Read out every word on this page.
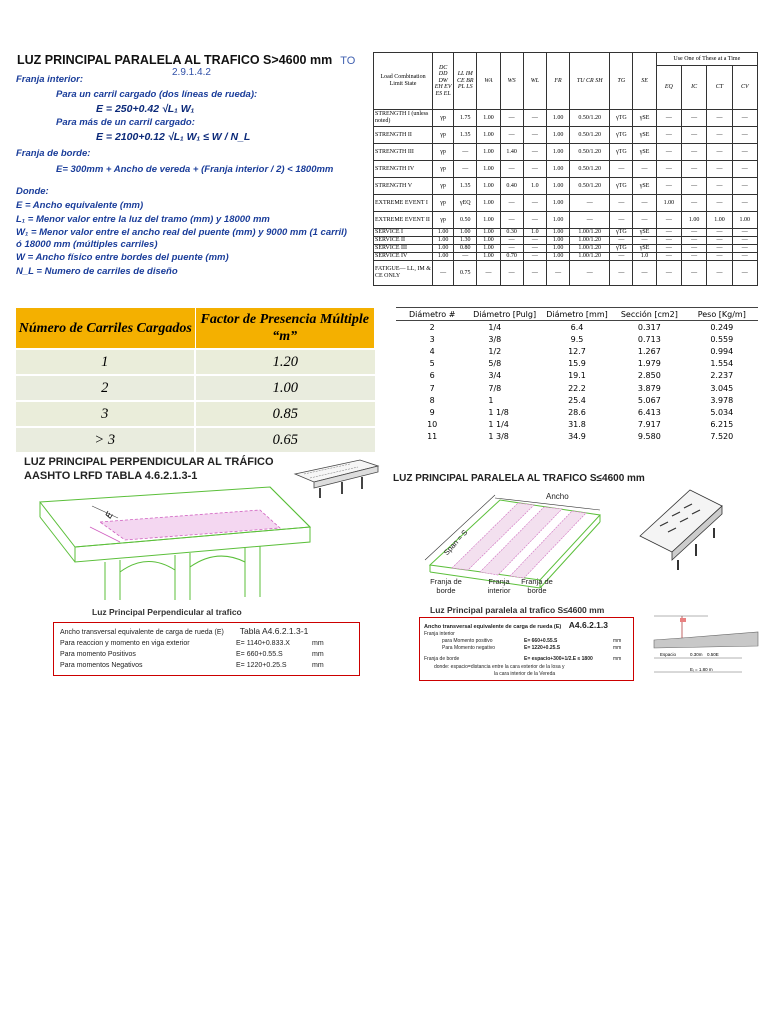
LUZ PRINCIPAL PARALELA AL TRAFICO S>4600 mm TO
2.9.1.4.2
Franja interior:
Para un carril cargado (dos líneas de rueda):
E = 250+0.42 √L₁ W₁
Para más de un carril cargado:
E = 2100+0.12 √L₁ W₁ ≤ W / N_L
Franja de borde:
E= 300mm + Ancho de vereda + (Franja interior / 2) < 1800mm
Donde:
E = Ancho equivalente (mm)
L₁ = Menor valor entre la luz del tramo (mm) y 18000 mm
W₁ = Menor valor entre el ancho real del puente (mm) y 9000 mm (1 carril)
ó 18000 mm (múltiples carriles)
W = Ancho físico entre bordes del puente (mm)
N_L = Numero de carriles de diseño
Load Combination Limit State	DC DD DW EH EV ES EL	LL IM CE BR PL LS	WA	WS	WL	FR	TU CR SH	TG	SE	Use One of These at a Time			
										EQ	IC	CT	CV
STRENGTH I (unless noted)	γp	1.75	1.00	—	—	1.00	0.50/1.20	γTG	γSE	—	—	—	—
STRENGTH II	γp	1.35	1.00	—	—	1.00	0.50/1.20	γTG	γSE	—	—	—	—
STRENGTH III	γp	—	1.00	1.40	—	1.00	0.50/1.20	γTG	γSE	—	—	—	—
STRENGTH IV	γp	—	1.00	—	—	1.00	0.50/1.20	—	—	—	—	—	—
STRENGTH V	γp	1.35	1.00	0.40	1.0	1.00	0.50/1.20	γTG	γSE	—	—	—	—
EXTREME EVENT I	γp	γEQ	1.00	—	—	1.00	—	—	—	1.00	—	—	—
EXTREME EVENT II	γp	0.50	1.00	—	—	1.00	—	—	—	—	1.00	1.00	1.00
SERVICE I	1.00	1.00	1.00	0.30	1.0	1.00	1.00/1.20	γTG	γSE	—	—	—	—
SERVICE II	1.00	1.30	1.00	—	—	1.00	1.00/1.20	—	—	—	—	—	—
SERVICE III	1.00	0.80	1.00	—	—	1.00	1.00/1.20	γTG	γSE	—	—	—	—
SERVICE IV	1.00	—	1.00	0.70	—	1.00	1.00/1.20	—	1.0	—	—	—	—
FATIGUE— LL, IM & CE ONLY	—	0.75	—	—	—	—	—	—	—	—	—	—	—
Número de Carriles Cargados	Factor de Presencia Múltiple “m”
1	1.20
2	1.00
3	0.85
> 3	0.65
Diámetro #	Diámetro [Pulg]	Diámetro [mm]	Sección [cm2]	Peso [Kg/m]
2	1/4	6.4	0.317	0.249
3	3/8	9.5	0.713	0.559
4	1/2	12.7	1.267	0.994
5	5/8	15.9	1.979	1.554
6	3/4	19.1	2.850	2.237
7	7/8	22.2	3.879	3.045
8	1	25.4	5.067	3.978
9	1 1/8	28.6	6.413	5.034
10	1 1/4	31.8	7.917	6.215
11	1 3/8	34.9	9.580	7.520
LUZ PRINCIPAL PERPENDICULAR AL TRÁFICO
AASHTO LRFD TABLA 4.6.2.1.3-1
E
Luz Principal Perpendicular al trafico
Ancho transversal equivalente de carga de rueda (E) Tabla A4.6.2.1.3-1
Para reaccion y momento en viga exterior	E= 1140+0.833.X	mm
Para momento Positivos	E= 660+0.55.S	mm
Para momentos Negativos	E= 1220+0.25.S	mm
LUZ PRINCIPAL PARALELA AL TRAFICO S≤4600 mm
Ancho
Span = S
Franja de borde
Franja interior
Franja de borde
Luz Principal paralela al trafico S≤4600 mm
Ancho transversal equivalente de carga de rueda (E) A4.6.2.1.3
Franja interior
para Momento positivo	E= 660+0.55.S	mm
Para Momento negativo	E= 1220+0.25.S	mm
Franja de borde	E= espacio+300+1/2.E ≤ 1800	mm
donde: espacio=distancia entre la cara exterior de la losa y
la cara interior de la Vereda
Espacio	0.30m 0.50E
Eᵢ = 1.80 m
